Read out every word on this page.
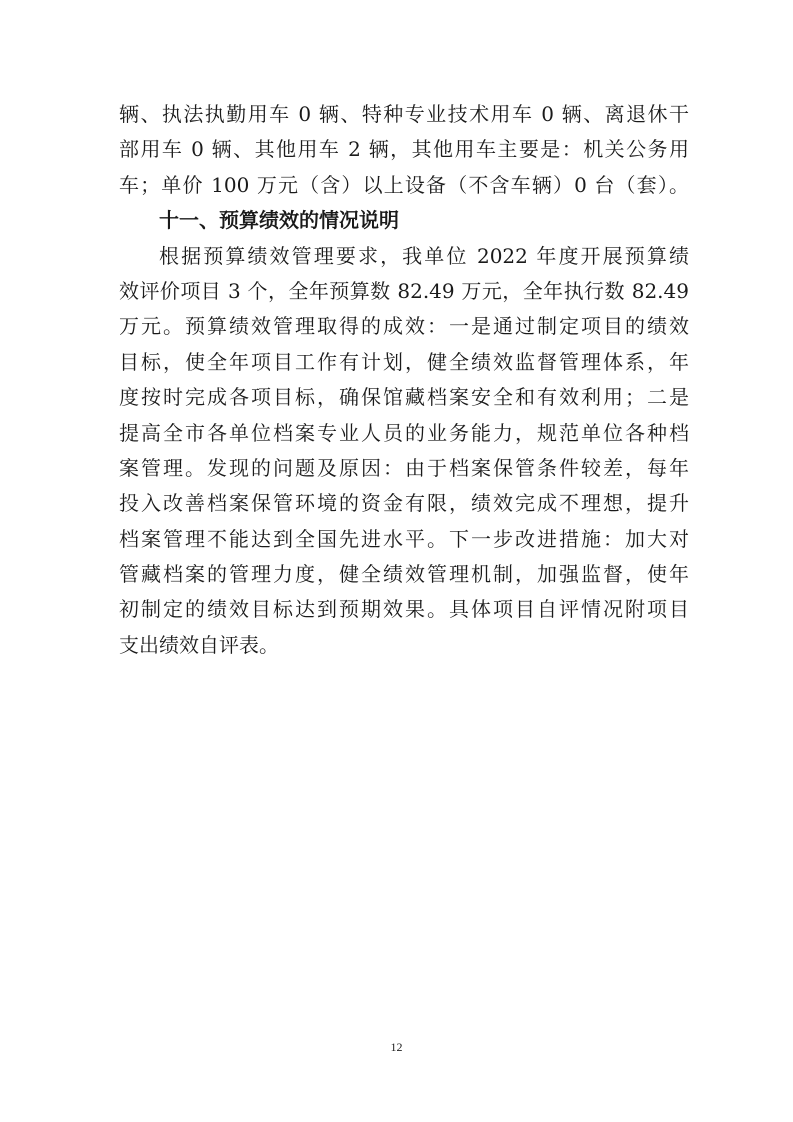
辆、执法执勤用车 0 辆、特种专业技术用车 0 辆、离退休干
部用车 0 辆、其他用车 2 辆，其他用车主要是：机关公务用
车；单价 100 万元（含）以上设备（不含车辆）0 台（套）。
十一、预算绩效的情况说明
根据预算绩效管理要求，我单位 2022 年度开展预算绩
效评价项目 3 个，全年预算数 82.49 万元，全年执行数 82.49
万元。预算绩效管理取得的成效：一是通过制定项目的绩效
目标，使全年项目工作有计划，健全绩效监督管理体系，年
度按时完成各项目标，确保馆藏档案安全和有效利用；二是
提高全市各单位档案专业人员的业务能力，规范单位各种档
案管理。发现的问题及原因：由于档案保管条件较差，每年
投入改善档案保管环境的资金有限，绩效完成不理想，提升
档案管理不能达到全国先进水平。下一步改进措施：加大对
管藏档案的管理力度，健全绩效管理机制，加强监督，使年
初制定的绩效目标达到预期效果。具体项目自评情况附项目
支出绩效自评表。
12
